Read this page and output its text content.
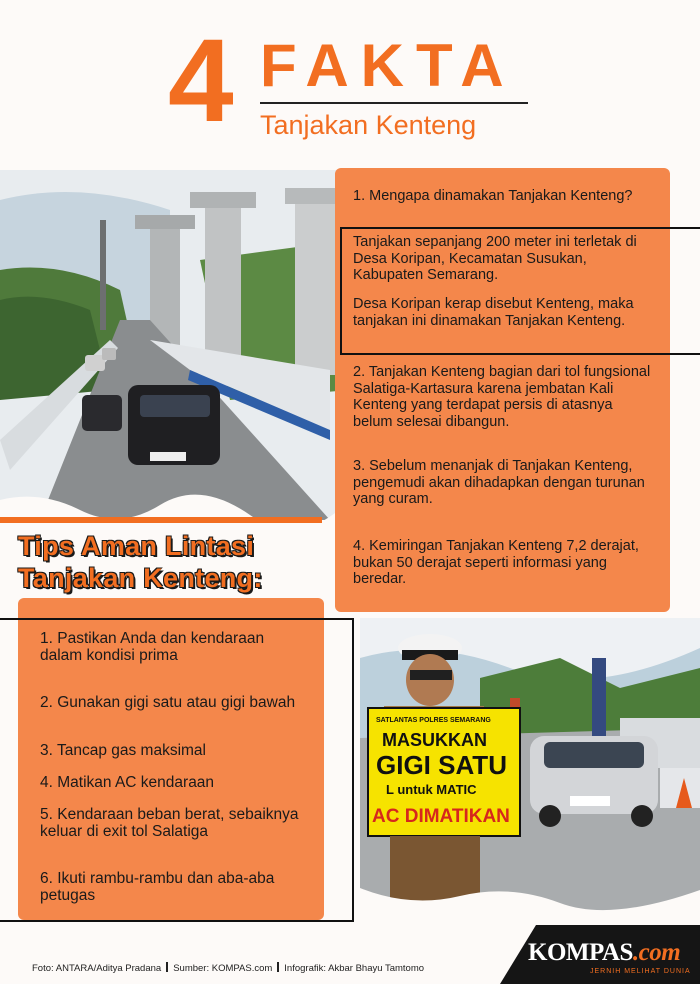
4 FAKTA
Tanjakan Kenteng
1. Mengapa dinamakan Tanjakan Kenteng?
Tanjakan sepanjang 200 meter ini terletak di Desa Koripan, Kecamatan Susukan, Kabupaten Semarang.
Desa Koripan kerap disebut Kenteng, maka tanjakan ini dinamakan Tanjakan Kenteng.
2. Tanjakan Kenteng bagian dari tol fungsional Salatiga-Kartasura karena jembatan Kali Kenteng yang terdapat persis di atasnya belum selesai dibangun.
3. Sebelum menanjak di Tanjakan Kenteng, pengemudi akan dihadapkan dengan turunan yang curam.
4. Kemiringan Tanjakan Kenteng 7,2 derajat, bukan 50 derajat seperti informasi yang beredar.
Tips Aman Lintasi
Tanjakan Kenteng:
1. Pastikan Anda dan kendaraan dalam kondisi prima
2. Gunakan gigi satu atau gigi bawah
3. Tancap gas maksimal
4. Matikan AC kendaraan
5. Kendaraan beban berat, sebaiknya keluar di exit tol Salatiga
6. Ikuti rambu-rambu dan aba-aba petugas
SATLANTAS POLRES SEMARANG
MASUKKAN
GIGI SATU
L untuk MATIC
AC DIMATIKAN
Foto: ANTARA/Aditya Pradana Sumber: KOMPAS.com Infografik: Akbar Bhayu Tamtomo
KOMPAS.com
JERNIH MELIHAT DUNIA
